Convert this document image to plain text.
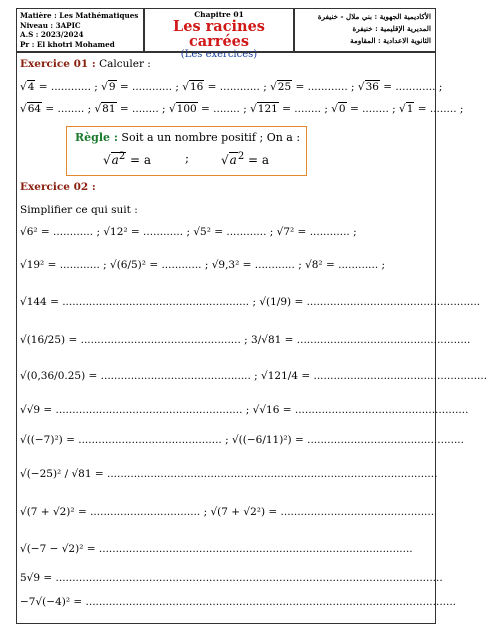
Matière : Les Mathématiques
Niveau : 3APIC
A.S : 2023/2024
Pr : El khotri Mohamed
Chapitre 01
Les racines carrées
(Les exercices)
الأكاديمية الجهوية : بني ملال - خنيفرة
المديرية الإقليمية : خنيفرة
الثانوية الاعدادية : المقاومة
Exercice 01 : Calculer :
√4 = ............ ; √9 = ............ ; √16 = ............ ; √25 = ............ ; √36 = ............ ;
√64 = ........ ; √81 = ........ ; √100 = ........ ; √121 = ........ ; √0 = ........ ; √1 = ........ ;
Règle : Soit a un nombre positif ; On a :
$√a^2 = a$	;	$√a^2 = a$
Exercice 02 :
Simplifier ce qui suit :
√6² = ............ ; √12² = ............ ; √5² = ............ ; √7² = ............ ;
√19² = ............ ; √(6/5)² = ............ ; √9,3² = ............ ; √8² = ............ ;
√144 = ........................................................ ; √(1/9) = ....................................................
√(16/25) = ................................................ ; 3/√81 = ....................................................
√(0,36/0.25) = ............................................. ; √121/4 = ....................................................
√√9 = ........................................................ ; √√16 = ....................................................
√((−7)²) = ........................................... ; √((−6/11)²) = ...............................................
√(−25)² / √81 = ...................................................................................................
√(7 + √2)² = ................................. ; √(7 + √2²) = ..............................................
√(−7 − √2)² = ..............................................................................................
5√9 = ....................................................................................................................
−7√(−4)² = ...............................................................................................................
